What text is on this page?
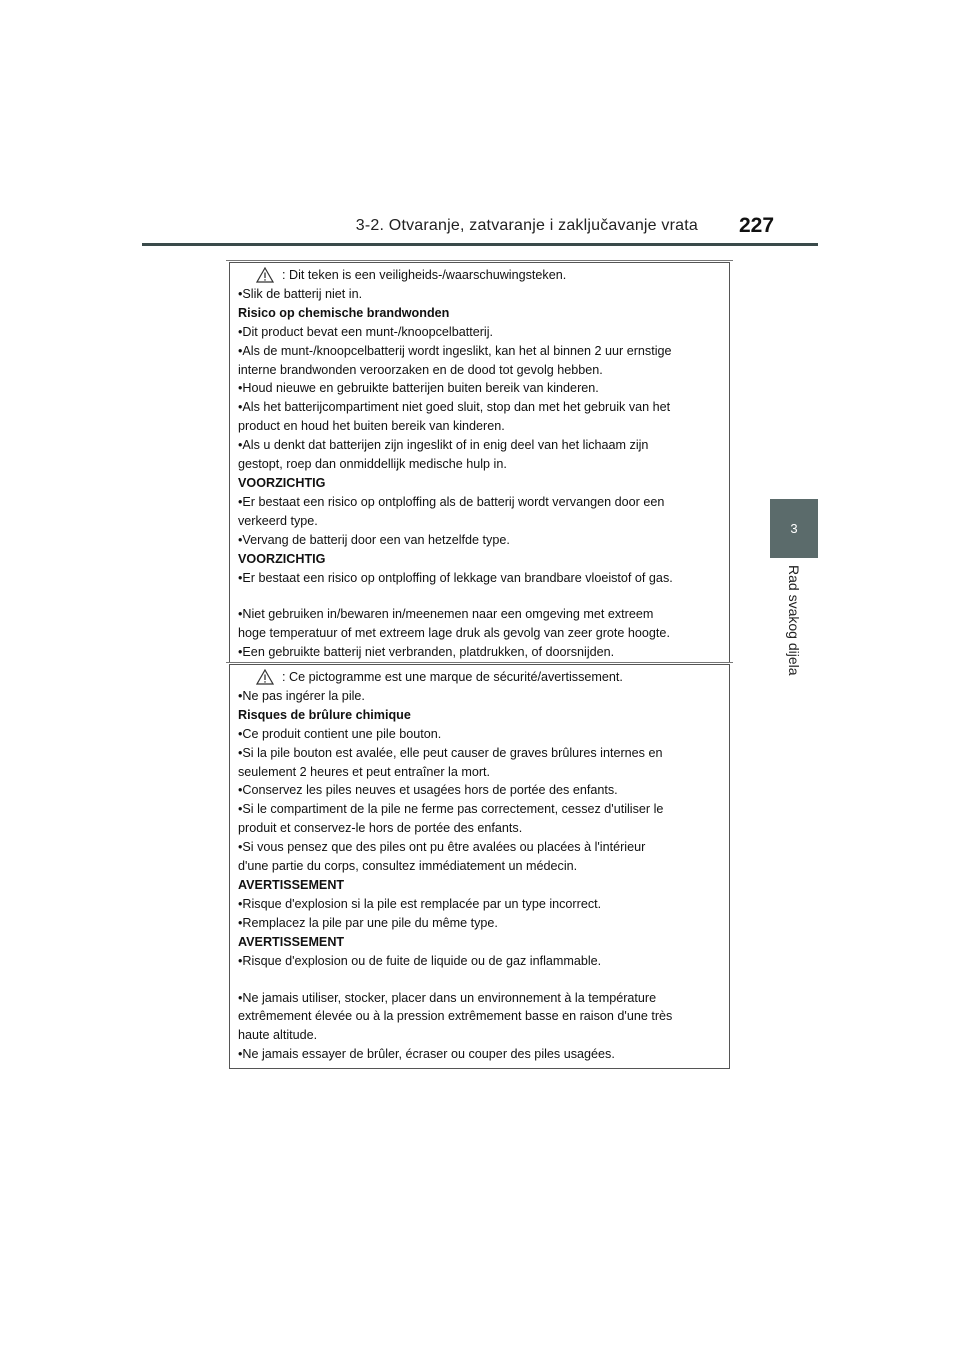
3-2. Otvaranje, zatvaranje i zaključavanje vrata 227
3
Rad svakog dijela
: Dit teken is een veiligheids-/waarschuwingsteken.
•Slik de batterij niet in.
Risico op chemische brandwonden
•Dit product bevat een munt-/knoopcelbatterij.
•Als de munt-/knoopcelbatterij wordt ingeslikt, kan het al binnen 2 uur ernstige
interne brandwonden veroorzaken en de dood tot gevolg hebben.
•Houd nieuwe en gebruikte batterijen buiten bereik van kinderen.
•Als het batterijcompartiment niet goed sluit, stop dan met het gebruik van het
product en houd het buiten bereik van kinderen.
•Als u denkt dat batterijen zijn ingeslikt of in enig deel van het lichaam zijn
gestopt, roep dan onmiddellijk medische hulp in.
VOORZICHTIG
•Er bestaat een risico op ontploffing als de batterij wordt vervangen door een
verkeerd type.
•Vervang de batterij door een van hetzelfde type.
VOORZICHTIG
•Er bestaat een risico op ontploffing of lekkage van brandbare vloeistof of gas.
•Niet gebruiken in/bewaren in/meenemen naar een omgeving met extreem
hoge temperatuur of met extreem lage druk als gevolg van zeer grote hoogte.
•Een gebruikte batterij niet verbranden, platdrukken, of doorsnijden.
: Ce pictogramme est une marque de sécurité/avertissement.
•Ne pas ingérer la pile.
Risques de brûlure chimique
•Ce produit contient une pile bouton.
•Si la pile bouton est avalée, elle peut causer de graves brûlures internes en
seulement 2 heures et peut entraîner la mort.
•Conservez les piles neuves et usagées hors de portée des enfants.
•Si le compartiment de la pile ne ferme pas correctement, cessez d'utiliser le
produit et conservez-le hors de portée des enfants.
•Si vous pensez que des piles ont pu être avalées ou placées à l'intérieur
d'une partie du corps, consultez immédiatement un médecin.
AVERTISSEMENT
•Risque d'explosion si la pile est remplacée par un type incorrect.
•Remplacez la pile par une pile du même type.
AVERTISSEMENT
•Risque d'explosion ou de fuite de liquide ou de gaz inflammable.
•Ne jamais utiliser, stocker, placer dans un environnement à la température
extrêmement élevée ou à la pression extrêmement basse en raison d'une très
haute altitude.
•Ne jamais essayer de brûler, écraser ou couper des piles usagées.
